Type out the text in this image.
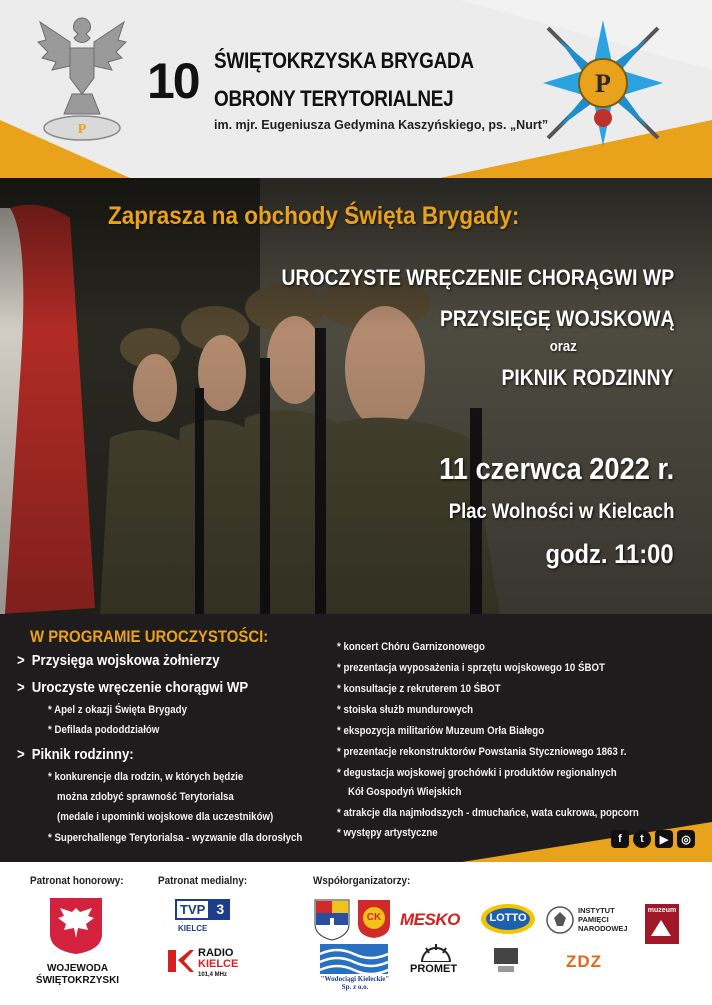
P
10 ŚWIĘTOKRZYSKA BRYGADA
OBRONY TERYTORIALNEJ
im. mjr. Eugeniusza Gedymina Kaszyńskiego, ps. „Nurt”
P
Zaprasza na obchody Święta Brygady:
UROCZYSTE WRĘCZENIE CHORĄGWI WP
PRZYSIĘGĘ WOJSKOWĄ
oraz
PIKNIK RODZINNY
11 czerwca 2022 r.
Plac Wolności w Kielcach
godz. 11:00
W PROGRAMIE UROCZYSTOŚCI:
> Przysięga wojskowa żołnierzy
> Uroczyste wręczenie chorągwi WP
* Apel z okazji Święta Brygady
* Defilada pododdziałów
> Piknik rodzinny:
* konkurencje dla rodzin, w których będzie
można zdobyć sprawność Terytorialsa
(medale i upominki wojskowe dla uczestników)
* Superchallenge Terytorialsa - wyzwanie dla dorosłych
* koncert Chóru Garnizonowego
* prezentacja wyposażenia i sprzętu wojskowego 10 ŚBOT
* konsultacje z rekruterem 10 ŚBOT
* stoiska służb mundurowych
* ekspozycja militariów Muzeum Orła Białego
* prezentacje rekonstruktorów Powstania Styczniowego 1863 r.
* degustacja wojskowej grochówki i produktów regionalnych
Kół Gospodyń Wiejskich
* atrakcje dla najmłodszych - dmuchańce, wata cukrowa, popcorn
* występy artystyczne	f	t	▶	◎
Patronat honorowy:	Patronat medialny:	Współorganizatorzy:
WOJEWODA
ŚWIĘTOKRZYSKI
TVP 3
KIELCE
RADIO
KIELCE
101,4 MHz
CK	MESKO	LOTTO
INSTYTUT
PAMIĘCI
NARODOWEJ
muzeum
"Wodociągi Kieleckie"
Sp. z o.o.
PROMET	ZDZ
